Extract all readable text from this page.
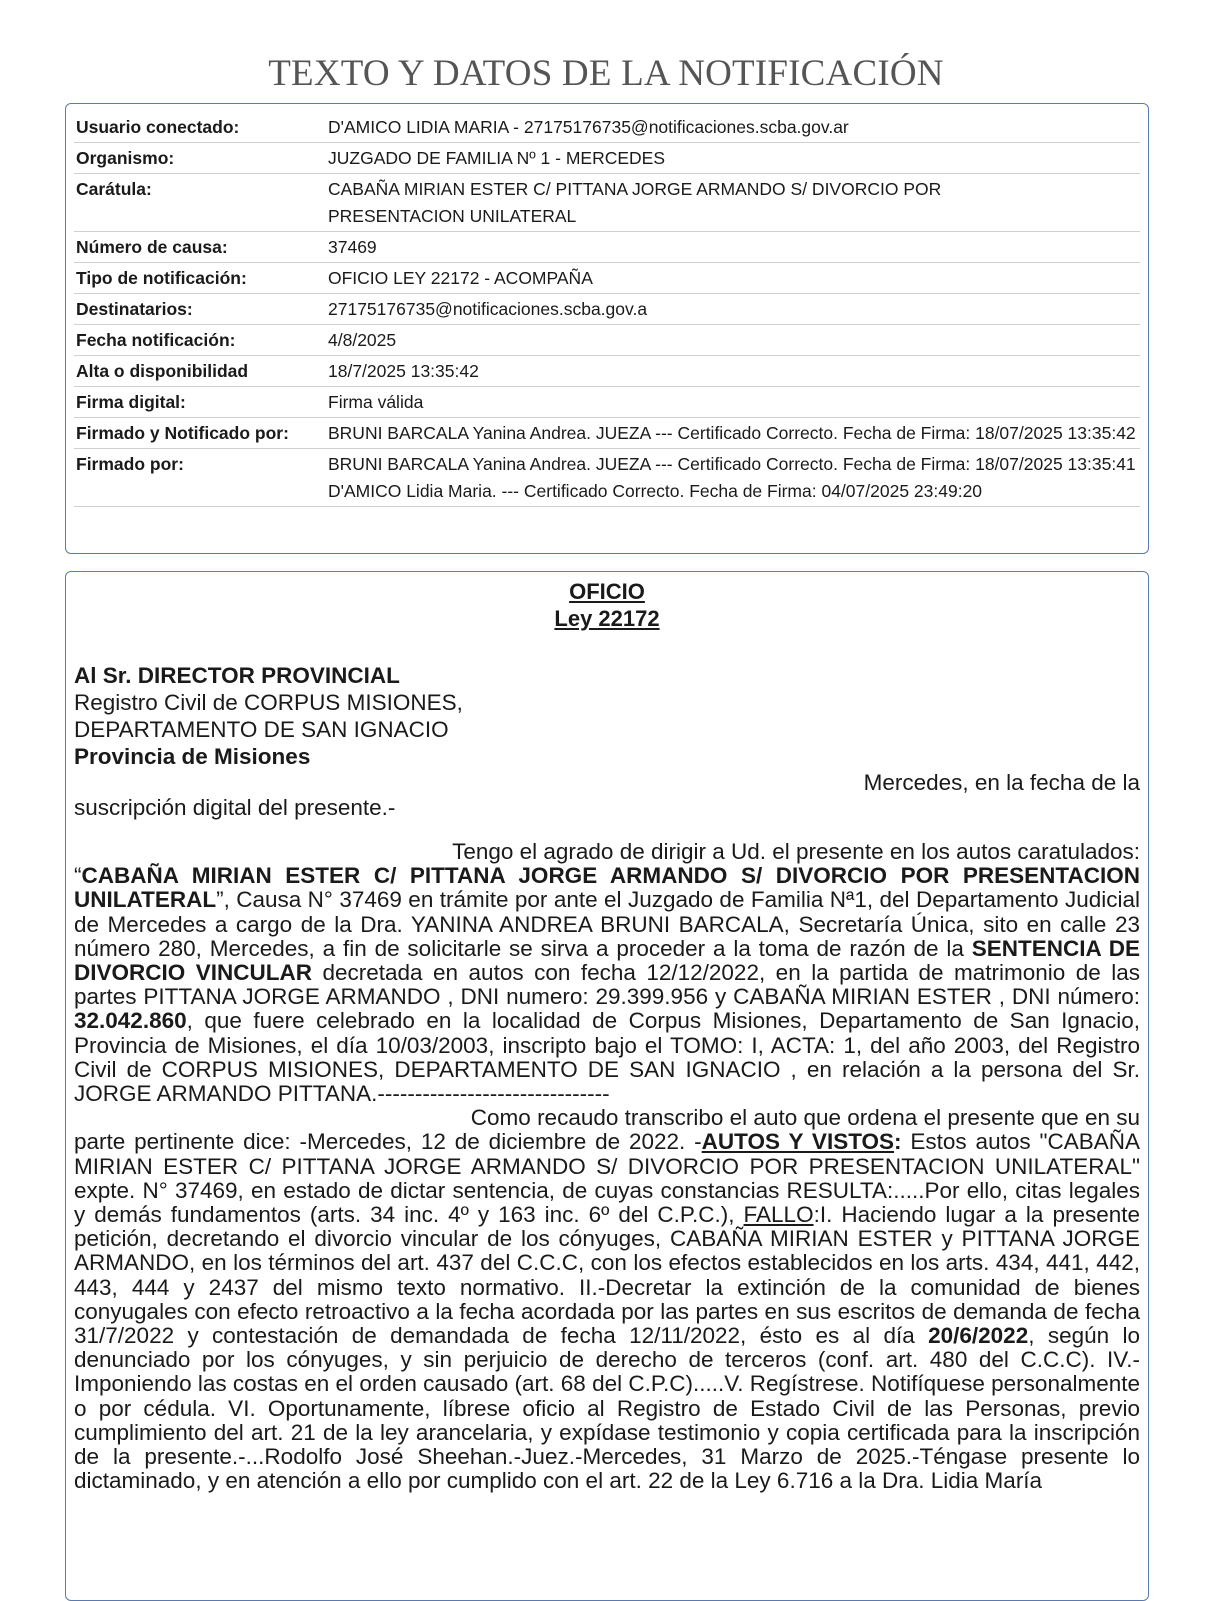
TEXTO Y DATOS DE LA NOTIFICACIÓN
Usuario conectado:	D'AMICO LIDIA MARIA - 27175176735@notificaciones.scba.gov.ar
Organismo:	JUZGADO DE FAMILIA Nº 1 - MERCEDES
Carátula:	CABAÑA MIRIAN ESTER C/ PITTANA JORGE ARMANDO S/ DIVORCIO POR PRESENTACION UNILATERAL
Número de causa:	37469
Tipo de notificación:	OFICIO LEY 22172 - ACOMPAÑA
Destinatarios:	27175176735@notificaciones.scba.gov.a
Fecha notificación:	4/8/2025
Alta o disponibilidad	18/7/2025 13:35:42
Firma digital:	Firma válida
Firmado y Notificado por:	BRUNI BARCALA Yanina Andrea. JUEZA --- Certificado Correcto. Fecha de Firma: 18/07/2025 13:35:42
Firmado por:	BRUNI BARCALA Yanina Andrea. JUEZA --- Certificado Correcto. Fecha de Firma: 18/07/2025 13:35:41 D'AMICO Lidia Maria. --- Certificado Correcto. Fecha de Firma: 04/07/2025 23:49:20

OFICIO

Ley 22172

Al Sr. DIRECTOR PROVINCIAL

Registro Civil de CORPUS MISIONES,

DEPARTAMENTO DE SAN IGNACIO

Provincia de Misiones

Mercedes, en la fecha de la

suscripción digital del presente.-

Tengo el agrado de dirigir a Ud. el presente en los autos caratulados:
“CABAÑA MIRIAN ESTER C/ PITTANA JORGE ARMANDO S/ DIVORCIO POR PRESENTACION UNILATERAL”, Causa N° 37469 en trámite por ante el Juzgado de Familia Nª1, del Departamento Judicial de Mercedes a cargo de la Dra. YANINA ANDREA BRUNI BARCALA, Secretaría Única, sito en calle 23 número 280, Mercedes, a fin de solicitarle se sirva a proceder a la toma de razón de la SENTENCIA DE DIVORCIO VINCULAR decretada en autos con fecha 12/12/2022, en la partida de matrimonio de las partes PITTANA JORGE ARMANDO , DNI numero: 29.399.956 y CABAÑA MIRIAN ESTER , DNI número: 32.042.860, que fuere celebrado en la localidad de Corpus Misiones, Departamento de San Ignacio, Provincia de Misiones, el día 10/03/2003, inscripto bajo el TOMO: I, ACTA: 1, del año 2003, del Registro Civil de CORPUS MISIONES, DEPARTAMENTO DE SAN IGNACIO , en relación a la persona del Sr. JORGE ARMANDO PITTANA.-------------------------------

Como recaudo transcribo el auto que ordena el presente que en su
parte pertinente dice: -Mercedes, 12 de diciembre de 2022. -AUTOS Y VISTOS: Estos autos "CABAÑA MIRIAN ESTER C/ PITTANA JORGE ARMANDO S/ DIVORCIO POR PRESENTACION UNILATERAL" expte. N° 37469, en estado de dictar sentencia, de cuyas constancias RESULTA:.....Por ello, citas legales y demás fundamentos (arts. 34 inc. 4º y 163 inc. 6º del C.P.C.), FALLO:I. Haciendo lugar a la presente petición, decretando el divorcio vincular de los cónyuges, CABAÑA MIRIAN ESTER y PITTANA JORGE ARMANDO, en los términos del art. 437 del C.C.C, con los efectos establecidos en los arts. 434, 441, 442, 443, 444 y 2437 del mismo texto normativo. II.-Decretar la extinción de la comunidad de bienes conyugales con efecto retroactivo a la fecha acordada por las partes en sus escritos de demanda de fecha 31/7/2022 y contestación de demandada de fecha 12/11/2022, ésto es al día 20/6/2022, según lo denunciado por los cónyuges, y sin perjuicio de derecho de terceros (conf. art. 480 del C.C.C). IV.- Imponiendo las costas en el orden causado (art. 68 del C.P.C).....V. Regístrese. Notifíquese personalmente o por cédula. VI. Oportunamente, líbrese oficio al Registro de Estado Civil de las Personas, previo cumplimiento del art. 21 de la ley arancelaria, y expídase testimonio y copia certificada para la inscripción de la presente.-...Rodolfo José Sheehan.-Juez.-Mercedes, 31 Marzo de 2025.-Téngase presente lo dictaminado, y en atención a ello por cumplido con el art. 22 de la Ley 6.716 a la Dra. Lidia María
